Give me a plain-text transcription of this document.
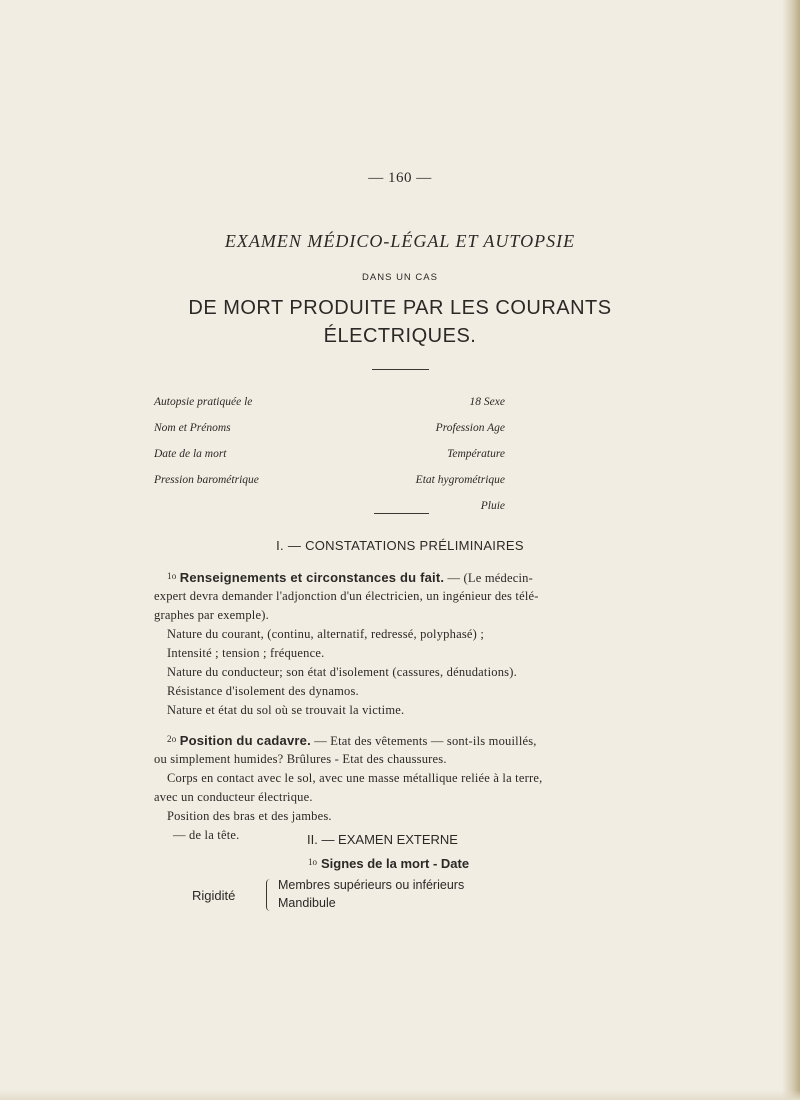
— 160 —
EXAMEN MÉDICO-LÉGAL ET AUTOPSIE
DANS UN CAS
DE MORT PRODUITE PAR LES COURANTS
ÉLECTRIQUES.
Autopsie pratiquée le
Nom et Prénoms
Date de la mort
Pression barométrique
18 Sexe
Profession Age
Température
Etat hygrométrique
Pluie
I. — CONSTATATIONS PRÉLIMINAIRES
$^{1o}$ Renseignements et circonstances du fait. — (Le médecin-
expert devra demander l'adjonction d'un électricien, un ingénieur des télé-
graphes par exemple).
Nature du courant, (continu, alternatif, redressé, polyphasé) ;
Intensité ; tension ; fréquence.
Nature du conducteur; son état d'isolement (cassures, dénudations).
Résistance d'isolement des dynamos.
Nature et état du sol où se trouvait la victime.
$^{2o}$ Position du cadavre. — Etat des vêtements — sont-ils mouillés,
ou simplement humides? Brûlures - Etat des chaussures.
Corps en contact avec le sol, avec une masse métallique reliée à la terre,
avec un conducteur électrique.
Position des bras et des jambes.
— de la tête.	II. — EXAMEN EXTERNE
$^{1o}$ Signes de la mort - Date
Rigidité
Membres supérieurs ou inférieurs
Mandibule
